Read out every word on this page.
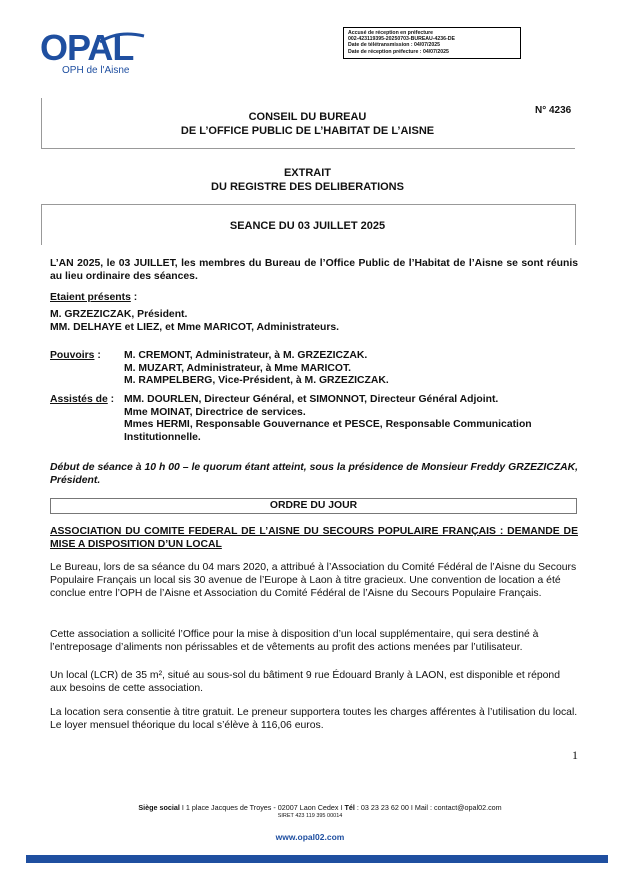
OPAL
OPH de l'Aisne
Accusé de réception en préfecture
002-423119395-20250703-BUREAU-4236-DE
Date de télétransmission : 04/07/2025
Date de réception préfecture : 04/07/2025
N° 4236
CONSEIL DU BUREAU
DE L’OFFICE PUBLIC DE L’HABITAT DE L’AISNE
EXTRAIT
DU REGISTRE DES DELIBERATIONS
SEANCE DU 03 JUILLET 2025
L’AN 2025, le 03 JUILLET, les membres du Bureau de l’Office Public de l’Habitat de l’Aisne se sont réunis au lieu ordinaire des séances.
Etaient présents :
M. GRZEZICZAK, Président.
MM. DELHAYE et LIEZ, et Mme MARICOT, Administrateurs.
Pouvoirs : M. CREMONT, Administrateur, à M. GRZEZICZAK.
M. MUZART, Administrateur, à Mme MARICOT.
M. RAMPELBERG, Vice-Président, à M. GRZEZICZAK.
Assistés de : MM. DOURLEN, Directeur Général, et SIMONNOT, Directeur Général Adjoint.
Mme MOINAT, Directrice de services.
Mmes HERMI, Responsable Gouvernance et PESCE, Responsable Communication Institutionnelle.
Début de séance à 10 h 00 – le quorum étant atteint, sous la présidence de Monsieur Freddy GRZEZICZAK, Président.
ORDRE DU JOUR
ASSOCIATION DU COMITE FEDERAL DE L’AISNE DU SECOURS POPULAIRE FRANÇAIS : DEMANDE DE MISE A DISPOSITION D’UN LOCAL
Le Bureau, lors de sa séance du 04 mars 2020, a attribué à l’Association du Comité Fédéral de l’Aisne du Secours Populaire Français un local sis 30 avenue de l’Europe à Laon à titre gracieux. Une convention de location a été conclue entre l’OPH de l’Aisne et Association du Comité Fédéral de l’Aisne du Secours Populaire Français.
Cette association a sollicité l’Office pour la mise à disposition d’un local supplémentaire, qui sera destiné à l’entreposage d’aliments non périssables et de vêtements au profit des actions menées par l’utilisateur.
Un local (LCR) de 35 m², situé au sous-sol du bâtiment 9 rue Édouard Branly à LAON, est disponible et répond aux besoins de cette association.
La location sera consentie à titre gratuit. Le preneur supportera toutes les charges afférentes à l’utilisation du local. Le loyer mensuel théorique du local s’élève à 116,06 euros.
1
Siège social I 1 place Jacques de Troyes - 02007 Laon Cedex I Tél : 03 23 23 62 00 I Mail : contact@opal02.com
SIRET 423 119 395 00014
www.opal02.com
